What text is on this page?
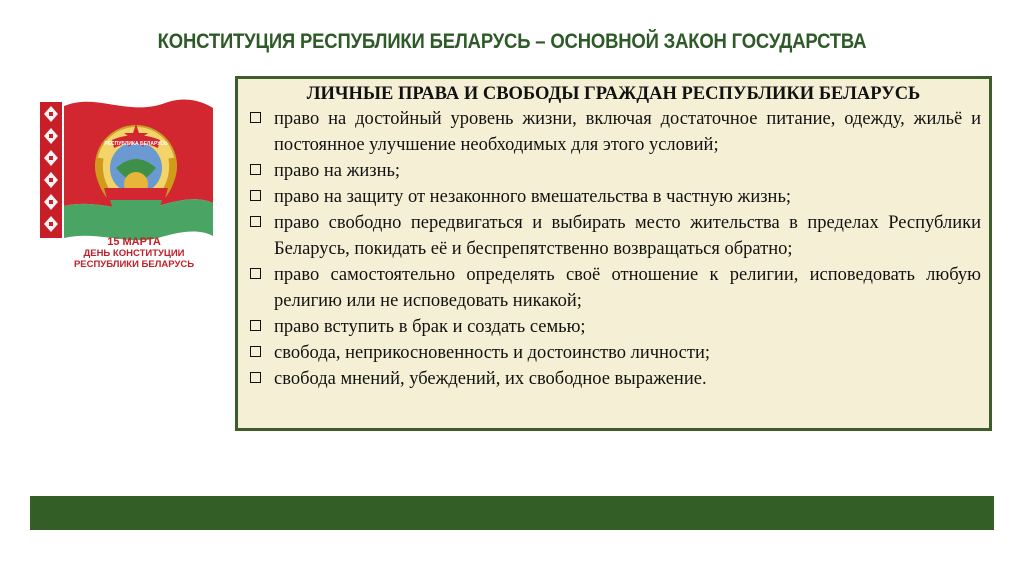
КОНСТИТУЦИЯ РЕСПУБЛИКИ БЕЛАРУСЬ – ОСНОВНОЙ ЗАКОН ГОСУДАРСТВА
РЕСПУБЛИКА БЕЛАРУСЬ
15 МАРТА
ДЕНЬ КОНСТИТУЦИИ
РЕСПУБЛИКИ БЕЛАРУСЬ
ЛИЧНЫЕ ПРАВА И СВОБОДЫ ГРАЖДАН РЕСПУБЛИКИ БЕЛАРУСЬ
право на достойный уровень жизни, включая достаточное питание, одежду, жильё и постоянное улучшение необходимых для этого условий;
право на жизнь;
право на защиту от незаконного вмешательства в частную жизнь;
право свободно передвигаться и выбирать место жительства в пределах Республики Беларусь, покидать её и беспрепятственно возвращаться обратно;
право самостоятельно определять своё отношение к религии, исповедовать любую религию или не исповедовать никакой;
право вступить в брак и создать семью;
свобода, неприкосновенность и достоинство личности;
свобода мнений, убеждений, их свободное выражение.
